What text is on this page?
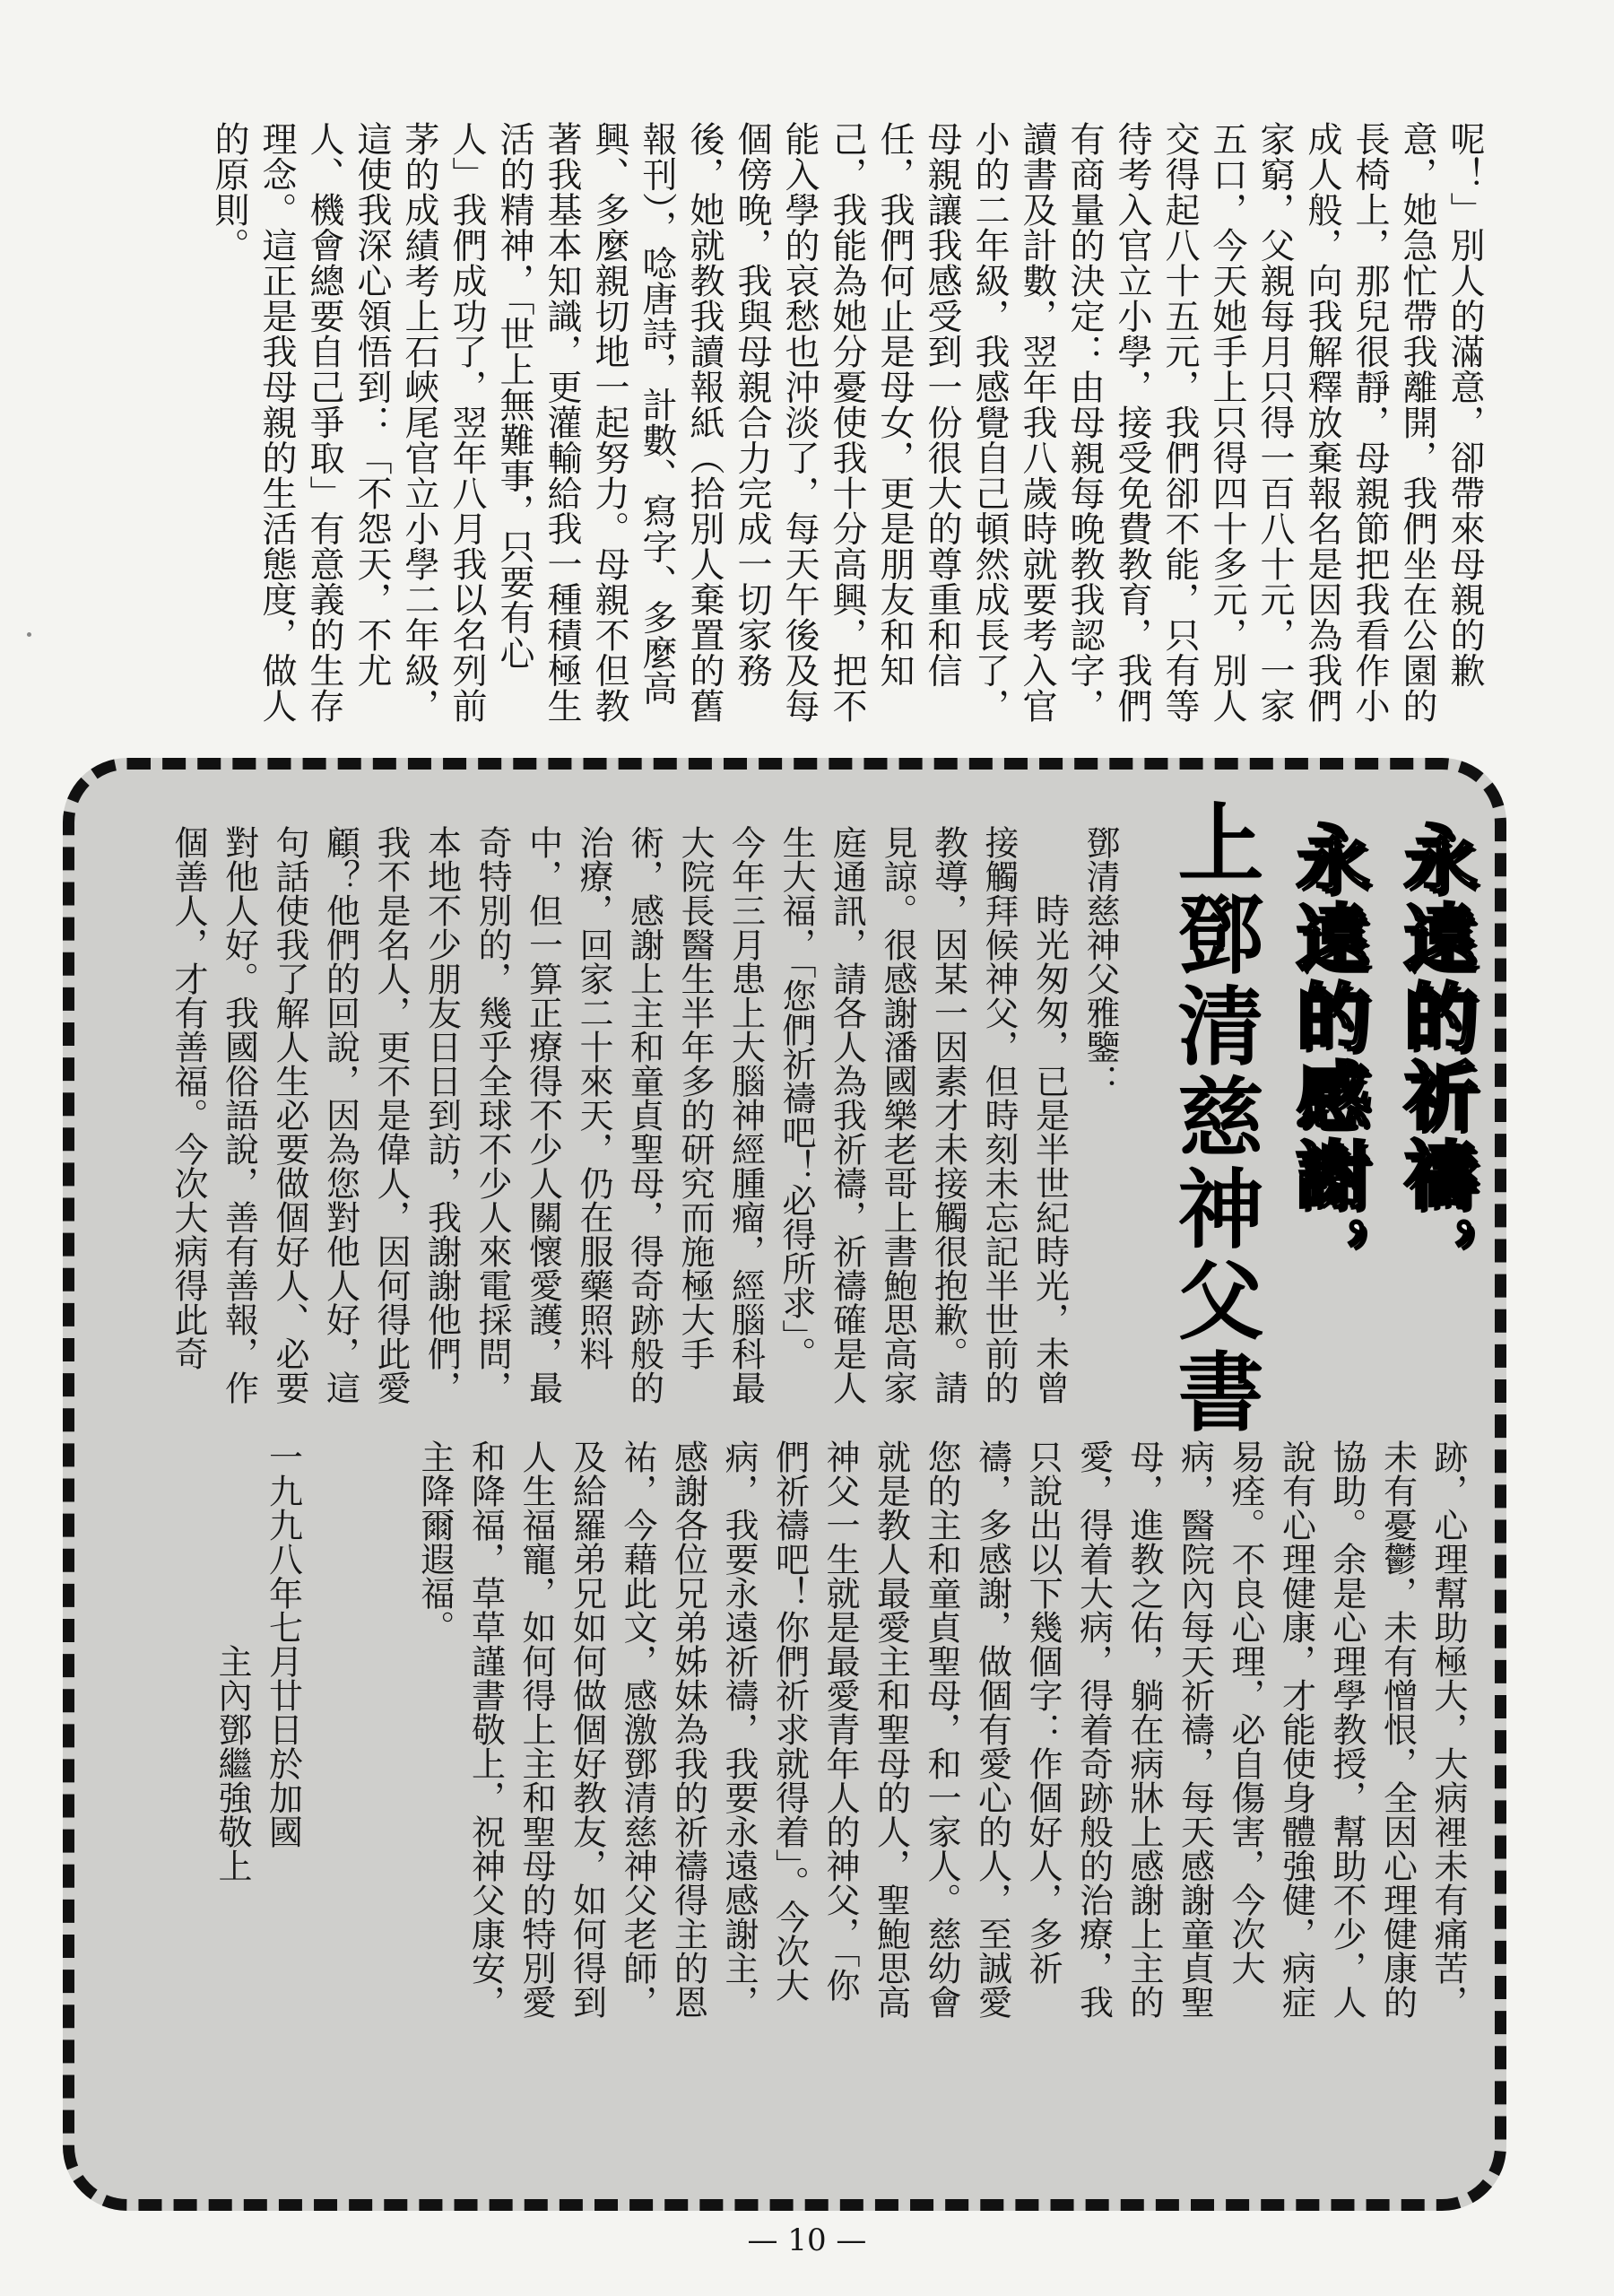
呢！」別人的滿意，卻帶來母親的歉
意，她急忙帶我離開，我們坐在公園的
長椅上，那兒很靜，母親節把我看作小
成人般，向我解釋放棄報名是因為我們
家窮，父親每月只得一百八十元，一家
五口，今天她手上只得四十多元，別人
交得起八十五元，我們卻不能，只有等
待考入官立小學，接受免費教育，我們
有商量的決定：由母親每晚教我認字，
讀書及計數，翌年我八歲時就要考入官
小的二年級，我感覺自己頓然成長了，
母親讓我感受到一份很大的尊重和信
任，我們何止是母女，更是朋友和知
己，我能為她分憂使我十分高興，把不
能入學的哀愁也沖淡了，每天午後及每
個傍晚，我與母親合力完成一切家務
後，她就教我讀報紙（拾別人棄置的舊
報刊），唸唐詩，計數、寫字、多麼高
興、多麼親切地一起努力。母親不但教
著我基本知識，更灌輸給我一種積極生
活的精神，「世上無難事，只要有心
人」我們成功了，翌年八月我以名列前
茅的成績考上石峽尾官立小學二年級，
這使我深心領悟到：「不怨天，不尤
人、機會總要自己爭取」有意義的生存
理念。這正是我母親的生活態度，做人
的原則。
永遠的祈禱，
永遠的感謝，
上鄧清慈神父書
鄧清慈神父雅鑒：
　　時光匆匆，已是半世紀時光，未曾
接觸拜候神父，但時刻未忘記半世前的
教導，因某一因素才未接觸很抱歉。請
見諒。很感謝潘國樂老哥上書鮑思高家
庭通訊，請各人為我祈禱，祈禱確是人
生大福，「您們祈禱吧！必得所求」。
今年三月患上大腦神經腫瘤，經腦科最
大院長醫生半年多的研究而施極大手
術，感謝上主和童貞聖母，得奇跡般的
治療，回家二十來天，仍在服藥照料
中，但一算正療得不少人關懷愛護，最
奇特別的，幾乎全球不少人來電採問，
本地不少朋友日日到訪，我謝謝他們，
我不是名人，更不是偉人，因何得此愛
顧？他們的回說，因為您對他人好，這
句話使我了解人生必要做個好人、必要
對他人好。我國俗語說，善有善報，作
個善人，才有善福。今次大病得此奇
跡，心理幫助極大，大病裡未有痛苦，
未有憂鬱，未有憎恨，全因心理健康的
協助。余是心理學教授，幫助不少，人
說有心理健康，才能使身體強健，病症
易痊。不良心理，必自傷害，今次大
病，醫院內每天祈禱，每天感謝童貞聖
母，進教之佑，躺在病牀上感謝上主的
愛，得着大病，得着奇跡般的治療，我
只說出以下幾個字：作個好人，多祈
禱，多感謝，做個有愛心的人，至誠愛
您的主和童貞聖母，和一家人。慈幼會
就是教人最愛主和聖母的人，聖鮑思高
神父一生就是最愛青年人的神父，「你
們祈禱吧！你們祈求就得着」。今次大
病，我要永遠祈禱，我要永遠感謝主，
感謝各位兄弟姊妹為我的祈禱得主的恩
祐，今藉此文，感激鄧清慈神父老師，
及給羅弟兄如何做個好教友，如何得到
人生福寵，如何得上主和聖母的特別愛
和降福，草草謹書敬上，祝神父康安，
主降爾遐福。
一九九八年七月廿日於加國
　　　　　　主內鄧繼強敬上
— 10 —
